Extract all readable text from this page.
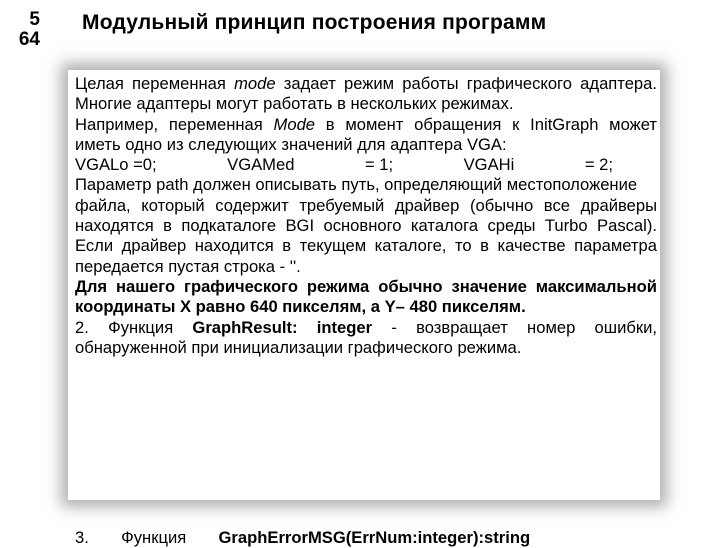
5
64
Модульный принцип построения программ

Целая переменная mode задает режим работы графического адаптера. Многие адаптеры могут работать в нескольких режимах.

Например, переменная Mode в момент обращения к InitGraph может иметь одно из следующих значений для адаптера VGA:

VGALo =0;	VGAMed	= 1;	VGAHi	= 2;

Параметр path должен описывать путь, определяющий местоположение

файла, который содержит требуемый драйвер (обычно все драйверы находятся в подкаталоге BGI основного каталога среды Turbo Pascal). Если драйвер находится в текущем каталоге, то в качестве параметра передается пустая строка - ''.

Для нашего графического режима обычно значение максимальной координаты X равно 640 пикселям, а Y– 480 пикселям.

2. Функция GraphResult: integer - возвращает номер ошибки, обнаруженной при инициализации графического режима.

3. Функция GraphErrorMSG(ErrNum:integer):string
